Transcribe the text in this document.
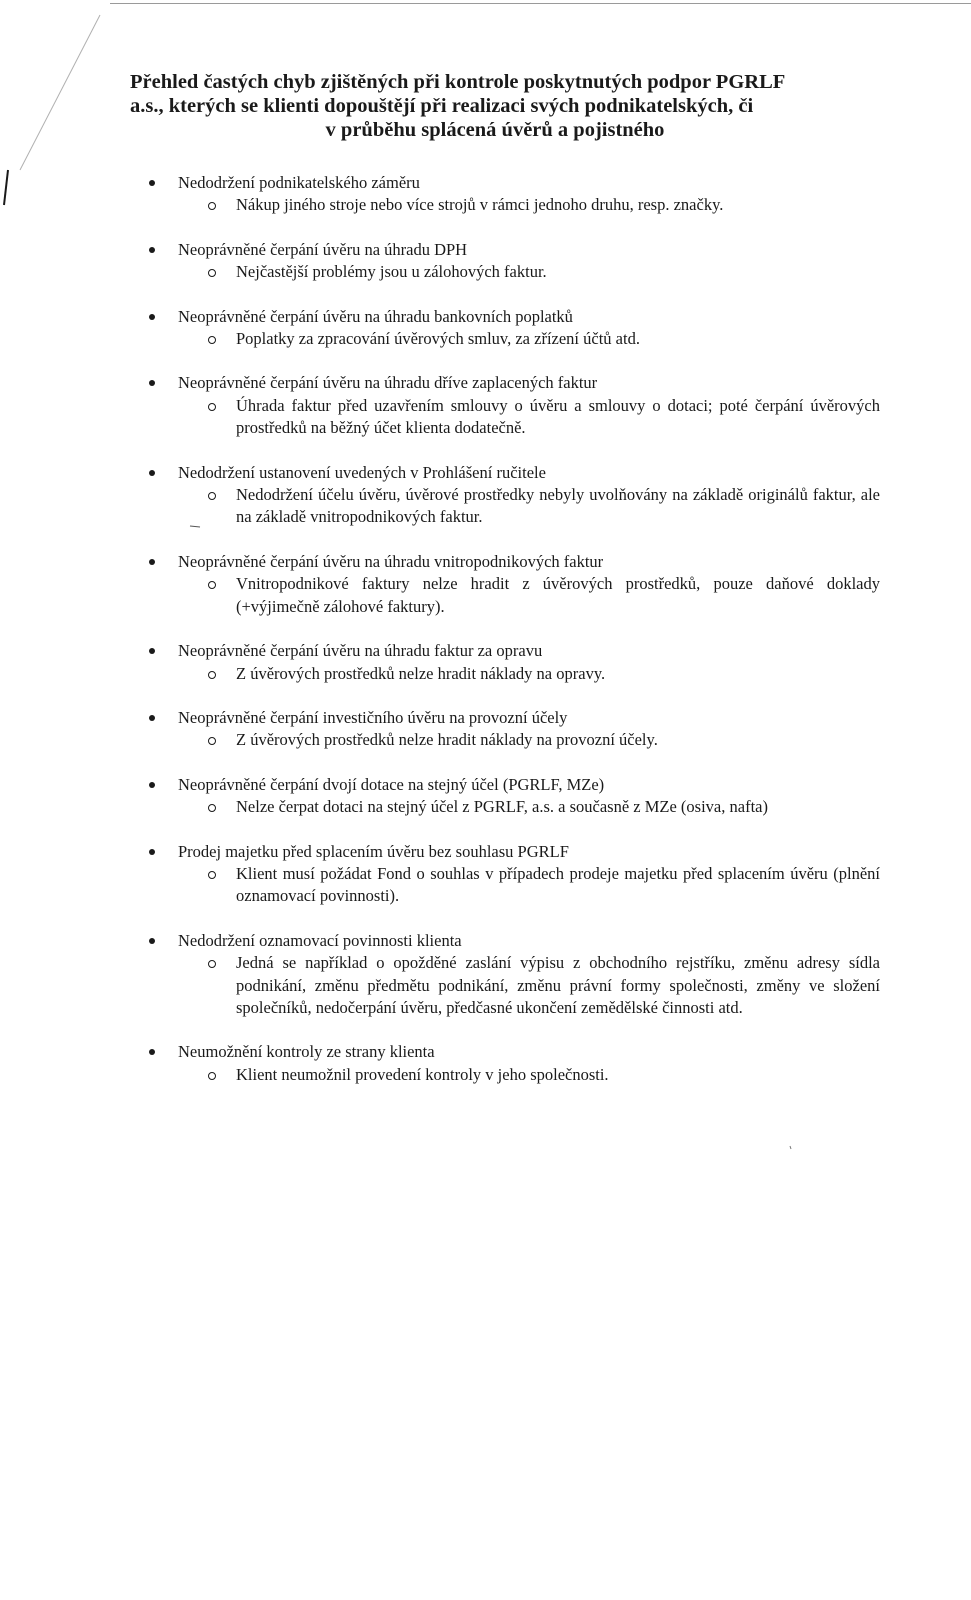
Přehled častých chyb zjištěných při kontrole poskytnutých podpor PGRLF
a.s., kterých se klienti dopouštějí při realizaci svých podnikatelských, či
v průběhu splácená úvěrů a pojistného
Nedodržení podnikatelského záměru
Nákup jiného stroje nebo více strojů v rámci jednoho druhu, resp. značky.
Neoprávněné čerpání úvěru na úhradu DPH
Nejčastější problémy jsou u zálohových faktur.
Neoprávněné čerpání úvěru na úhradu bankovních poplatků
Poplatky za zpracování úvěrových smluv, za zřízení účtů atd.
Neoprávněné čerpání úvěru na úhradu dříve zaplacených faktur
Úhrada faktur před uzavřením smlouvy o úvěru a smlouvy o dotaci; poté čerpání úvěrových prostředků na běžný účet klienta dodatečně.
Nedodržení ustanovení uvedených v Prohlášení ručitele
Nedodržení účelu úvěru, úvěrové prostředky nebyly uvolňovány na základě originálů faktur, ale na základě vnitropodnikových faktur.
Neoprávněné čerpání úvěru na úhradu vnitropodnikových faktur
Vnitropodnikové faktury nelze hradit z úvěrových prostředků, pouze daňové doklady (+výjimečně zálohové faktury).
Neoprávněné čerpání úvěru na úhradu faktur za opravu
Z úvěrových prostředků nelze hradit náklady na opravy.
Neoprávněné čerpání investičního úvěru na provozní účely
Z úvěrových prostředků nelze hradit náklady na provozní účely.
Neoprávněné čerpání dvojí dotace na stejný účel (PGRLF, MZe)
Nelze čerpat dotaci na stejný účel z PGRLF, a.s. a současně z MZe (osiva, nafta)
Prodej majetku před splacením úvěru bez souhlasu PGRLF
Klient musí požádat Fond o souhlas v případech prodeje majetku před splacením úvěru (plnění oznamovací povinnosti).
Nedodržení oznamovací povinnosti klienta
Jedná se například o opožděné zaslání výpisu z obchodního rejstříku, změnu adresy sídla podnikání, změnu předmětu podnikání, změnu právní formy společnosti, změny ve složení společníků, nedočerpání úvěru, předčasné ukončení zemědělské činnosti atd.
Neumožnění kontroly ze strany klienta
Klient neumožnil provedení kontroly v jeho společnosti.
